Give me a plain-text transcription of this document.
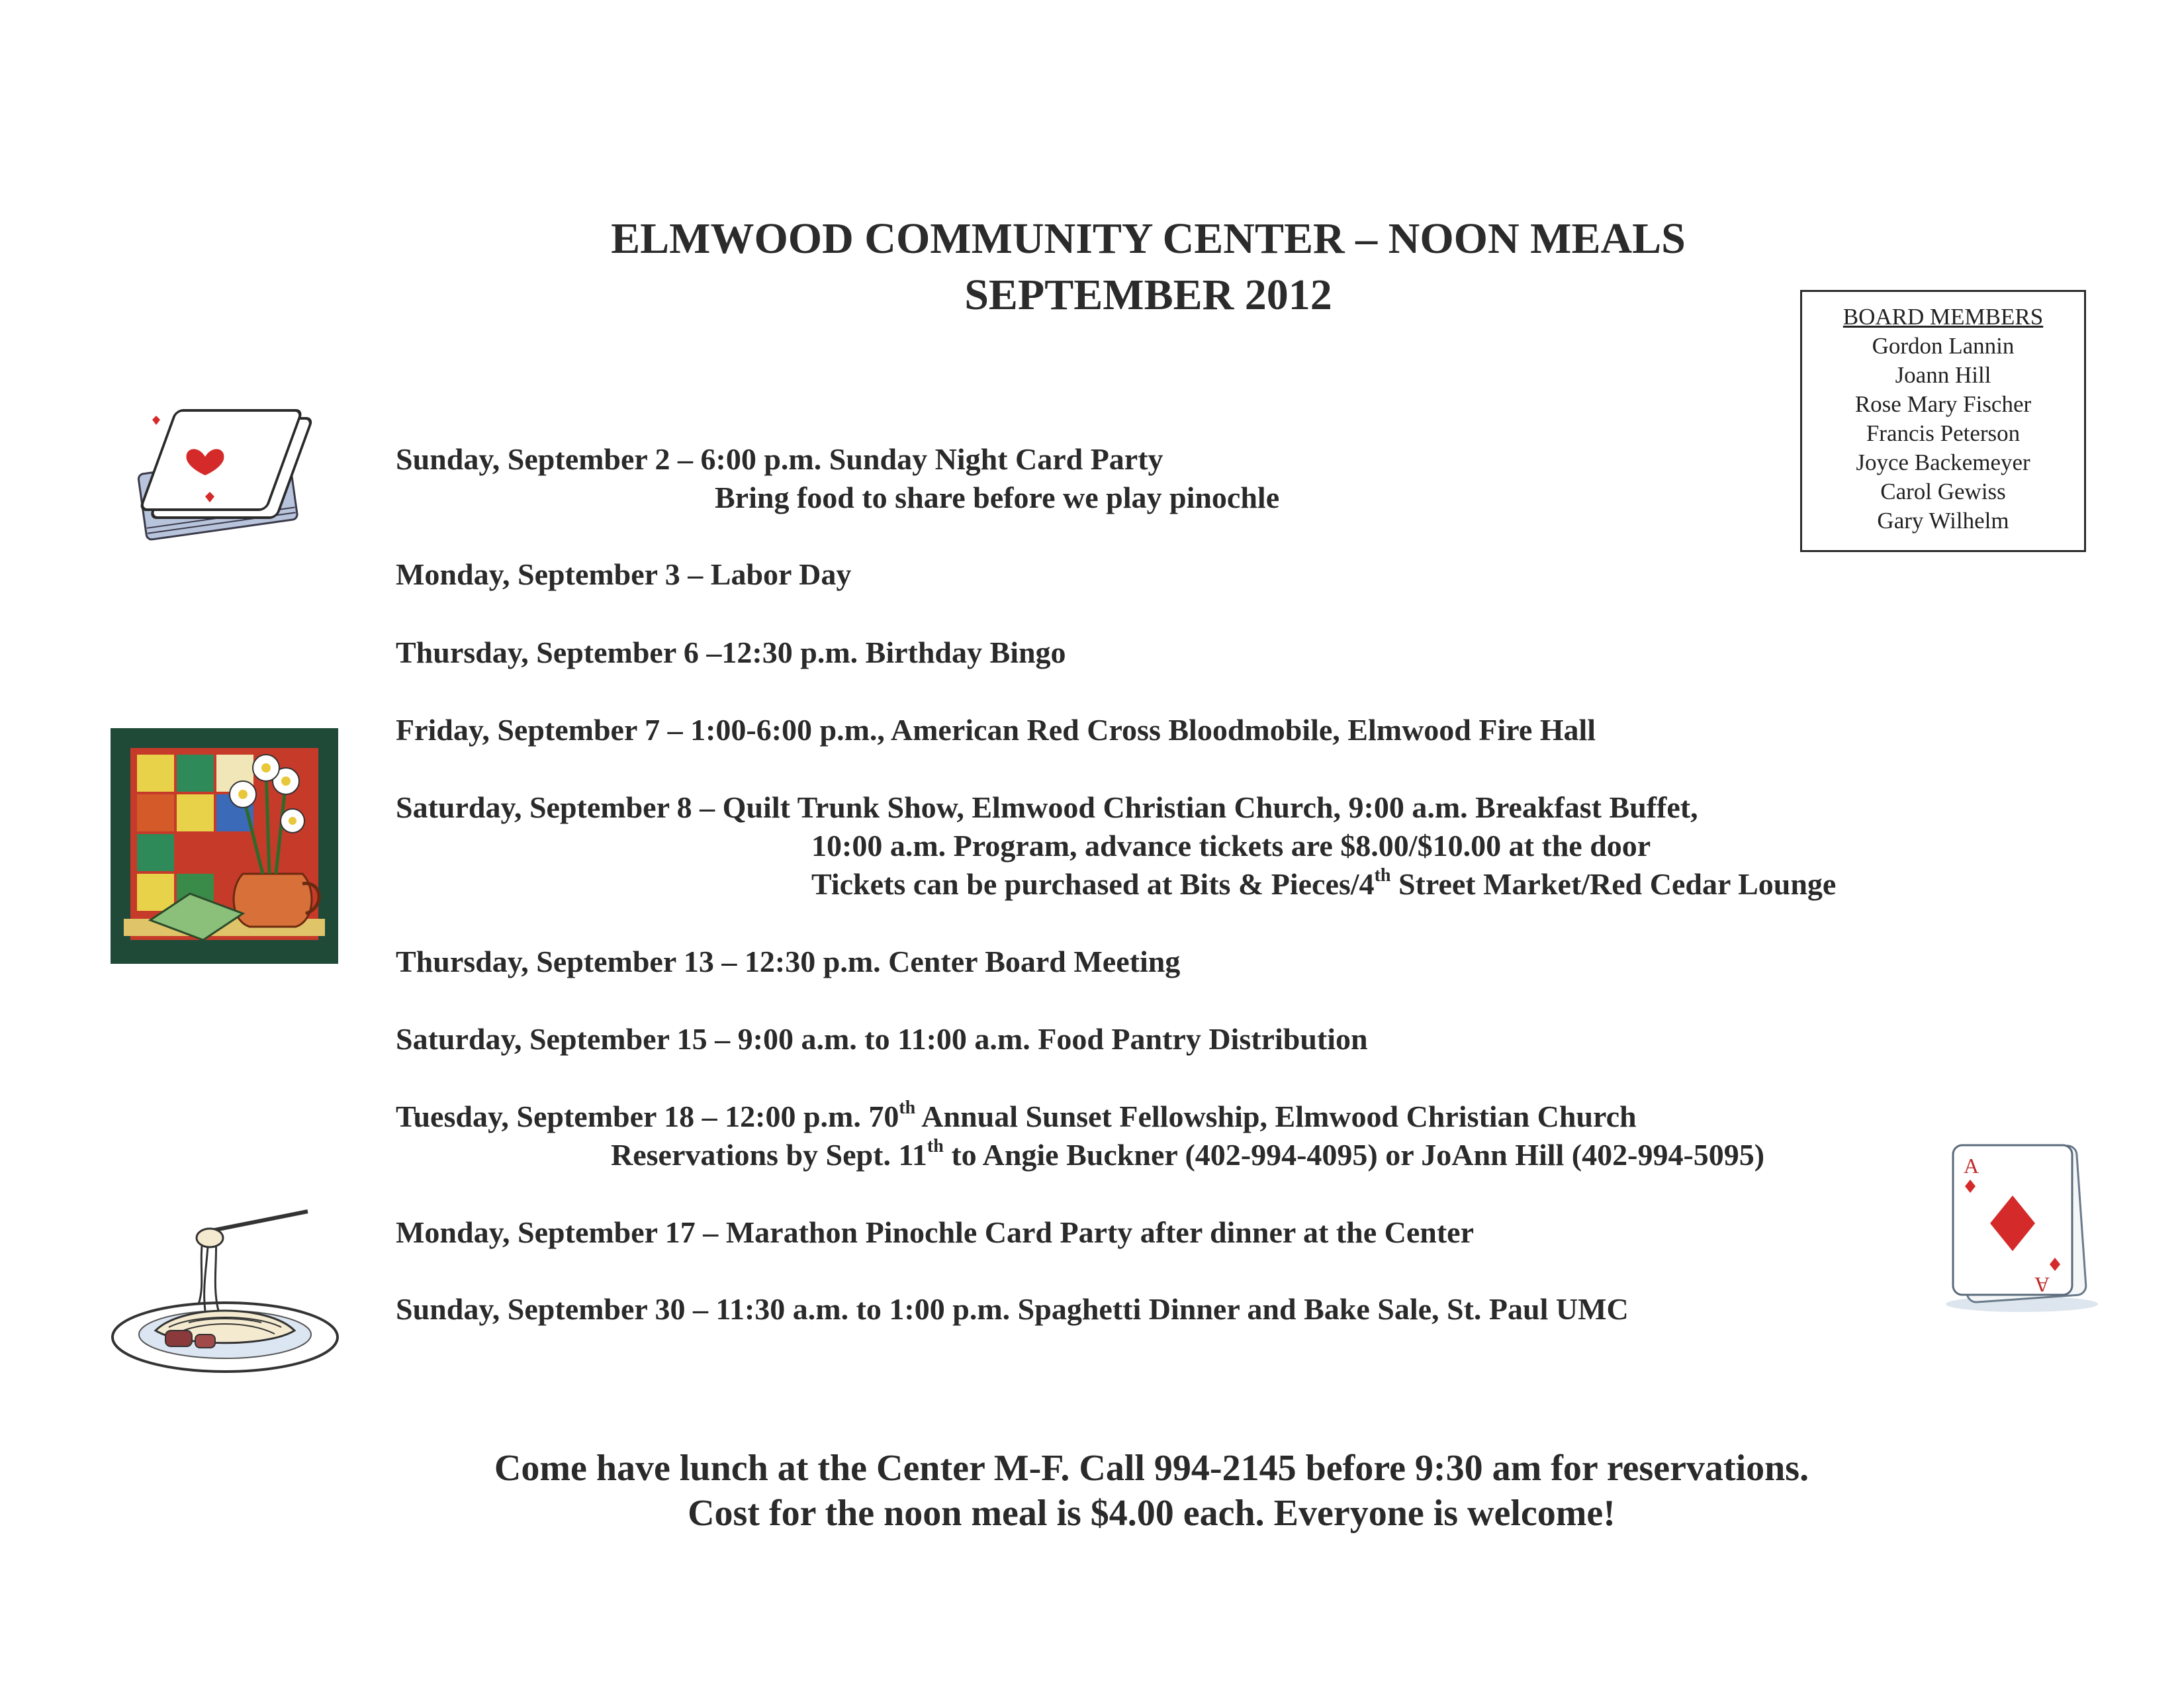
ELMWOOD COMMUNITY CENTER – NOON MEALS
SEPTEMBER 2012	BOARD MEMBERS
Gordon Lannin
Joann Hill
Rose Mary Fischer
Francis Peterson
Joyce Backemeyer
Carol Gewiss
Gary Wilhelm
Sunday, September 2 – 6:00 p.m. Sunday Night Card Party
Bring food to share before we play pinochle
Monday, September 3 – Labor Day
Thursday, September 6 –12:30 p.m. Birthday Bingo
Friday, September 7 – 1:00-6:00 p.m., American Red Cross Bloodmobile, Elmwood Fire Hall
Saturday, September 8 – Quilt Trunk Show, Elmwood Christian Church, 9:00 a.m. Breakfast Buffet,
10:00 a.m. Program, advance tickets are $8.00/$10.00 at the door
Tickets can be purchased at Bits & Pieces/4th Street Market/Red Cedar Lounge
Thursday, September 13 – 12:30 p.m. Center Board Meeting
Saturday, September 15 – 9:00 a.m. to 11:00 a.m. Food Pantry Distribution
Tuesday, September 18 – 12:00 p.m. 70th Annual Sunset Fellowship, Elmwood Christian Church
Reservations by Sept. 11th to Angie Buckner (402-994-4095) or JoAnn Hill (402-994-5095)
Monday, September 17 – Marathon Pinochle Card Party after dinner at the Center
Sunday, September 30 – 11:30 a.m. to 1:00 p.m. Spaghetti Dinner and Bake Sale, St. Paul UMC
Come have lunch at the Center M-F. Call 994-2145 before 9:30 am for reservations.
Cost for the noon meal is $4.00 each. Everyone is welcome!
A
A
